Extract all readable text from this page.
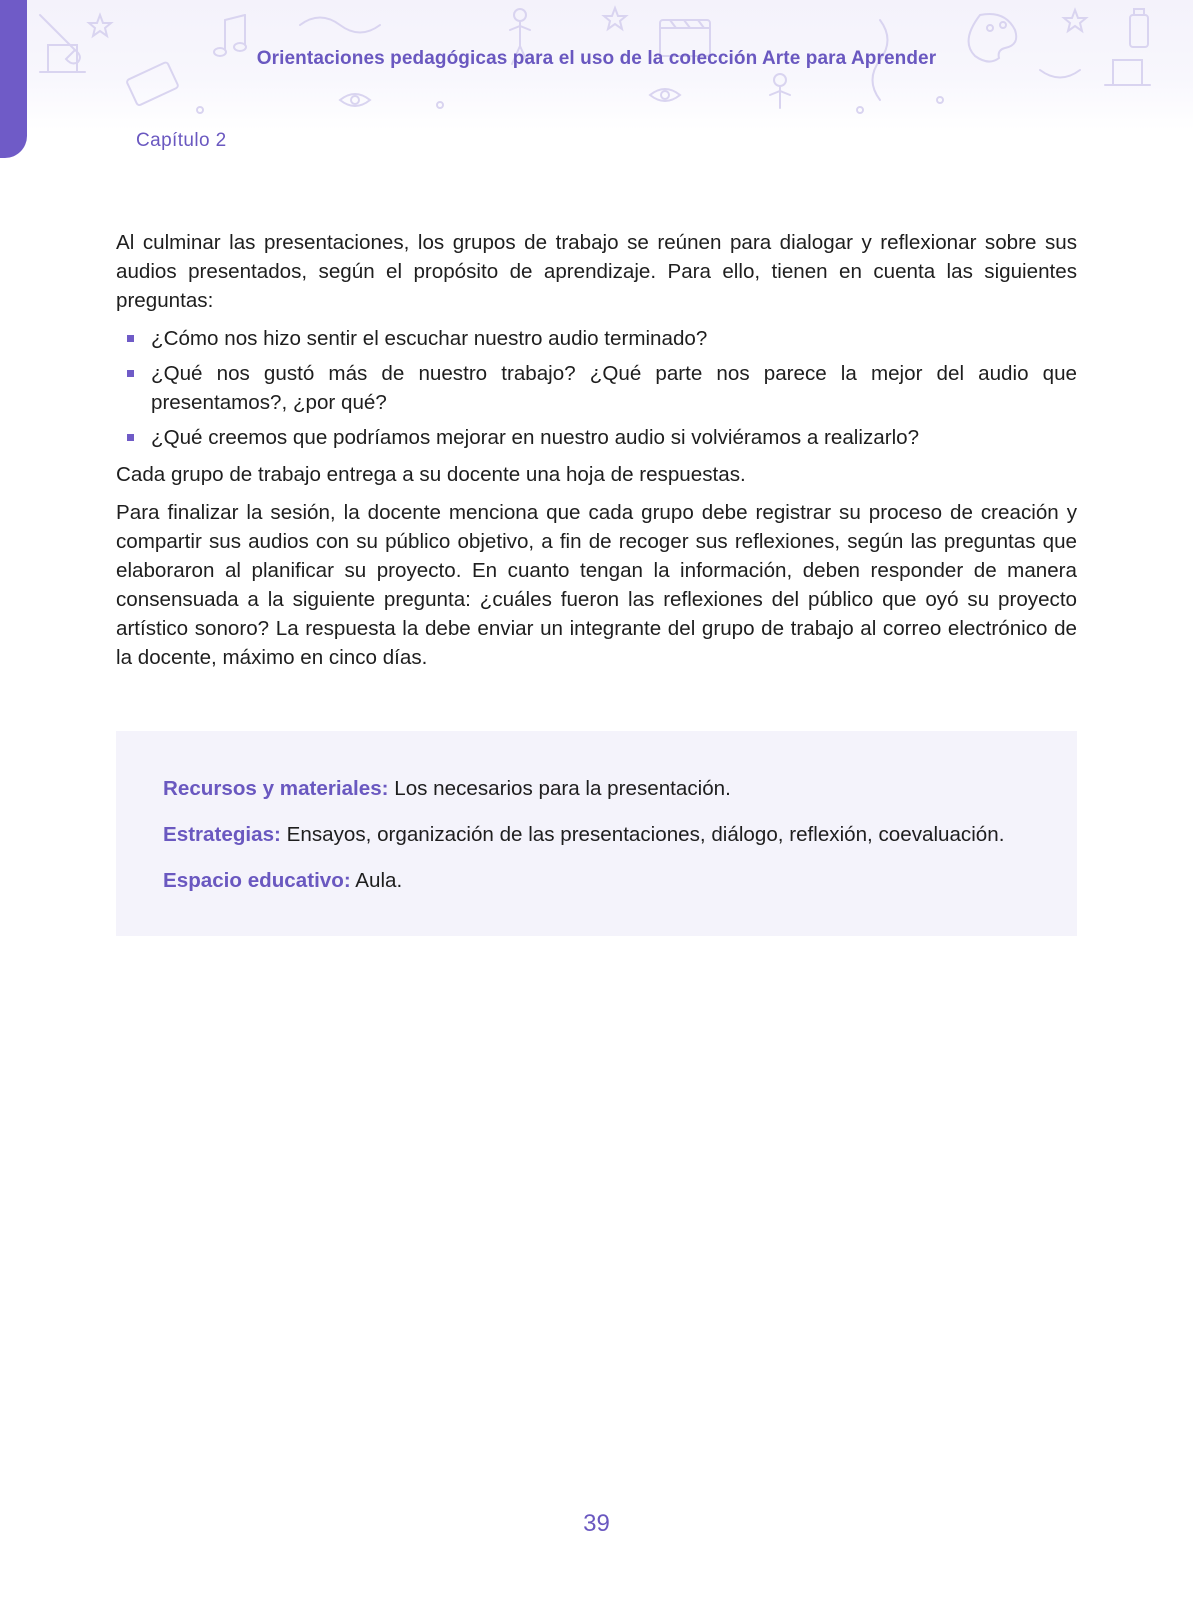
Orientaciones pedagógicas para el uso de la colección Arte para Aprender
Capítulo 2

Al culminar las presentaciones, los grupos de trabajo se reúnen para dialogar y reflexionar sobre sus audios presentados, según el propósito de aprendizaje. Para ello, tienen en cuenta las siguientes preguntas:

¿Cómo nos hizo sentir el escuchar nuestro audio terminado?
¿Qué nos gustó más de nuestro trabajo? ¿Qué parte nos parece la mejor del audio que presentamos?, ¿por qué?
¿Qué creemos que podríamos mejorar en nuestro audio si volviéramos a realizarlo?

Cada grupo de trabajo entrega a su docente una hoja de respuestas.

Para finalizar la sesión, la docente menciona que cada grupo debe registrar su proceso de creación y compartir sus audios con su público objetivo, a fin de recoger sus reflexiones, según las preguntas que elaboraron al planificar su proyecto. En cuanto tengan la información, deben responder de manera consensuada a la siguiente pregunta: ¿cuáles fueron las reflexiones del público que oyó su proyecto artístico sonoro? La respuesta la debe enviar un integrante del grupo de trabajo al correo electrónico de la docente, máximo en cinco días.

Recursos y materiales: Los necesarios para la presentación.
Estrategias: Ensayos, organización de las presentaciones, diálogo, reflexión, coevaluación.
Espacio educativo: Aula.
39
